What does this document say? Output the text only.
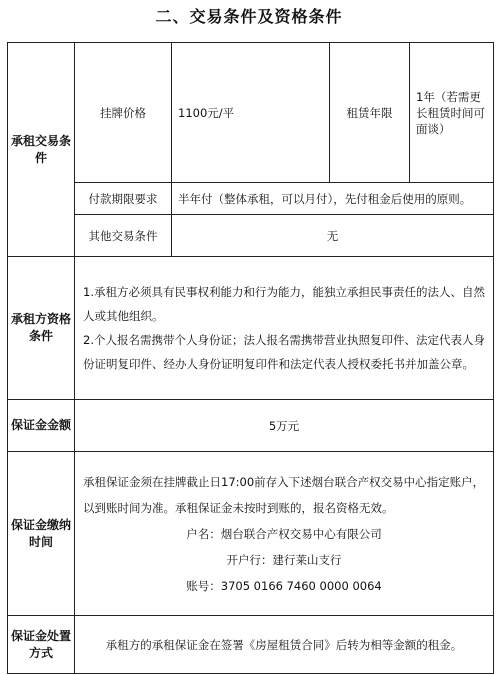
二、交易条件及资格条件
承租交易条件	挂牌价格	1100元/平	租赁年限	1年（若需更长租赁时间可面谈）
	付款期限要求	半年付（整体承租，可以月付），先付租金后使用的原则。		
	其他交易条件	无		
承租方资格条件	1.承租方必须具有民事权利能力和行为能力，能独立承担民事责任的法人、自然人或其他组织。
2.个人报名需携带个人身份证；法人报名需携带营业执照复印件、法定代表人身份证明复印件、经办人身份证明复印件和法定代表人授权委托书并加盖公章。			

保证金金额	5万元			
保证金缴纳时间	承租保证金须在挂牌截止日17:00前存入下述烟台联合产权交易中心指定账户，以到账时间为准。承租保证金未按时到账的，报名资格无效。
户名：烟台联合产权交易中心有限公司
开户行：建行莱山支行
账号：3705 0166 7460 0000 0064			

保证金处置方式	承租方的承租保证金在签署《房屋租赁合同》后转为相等金额的租金。			
